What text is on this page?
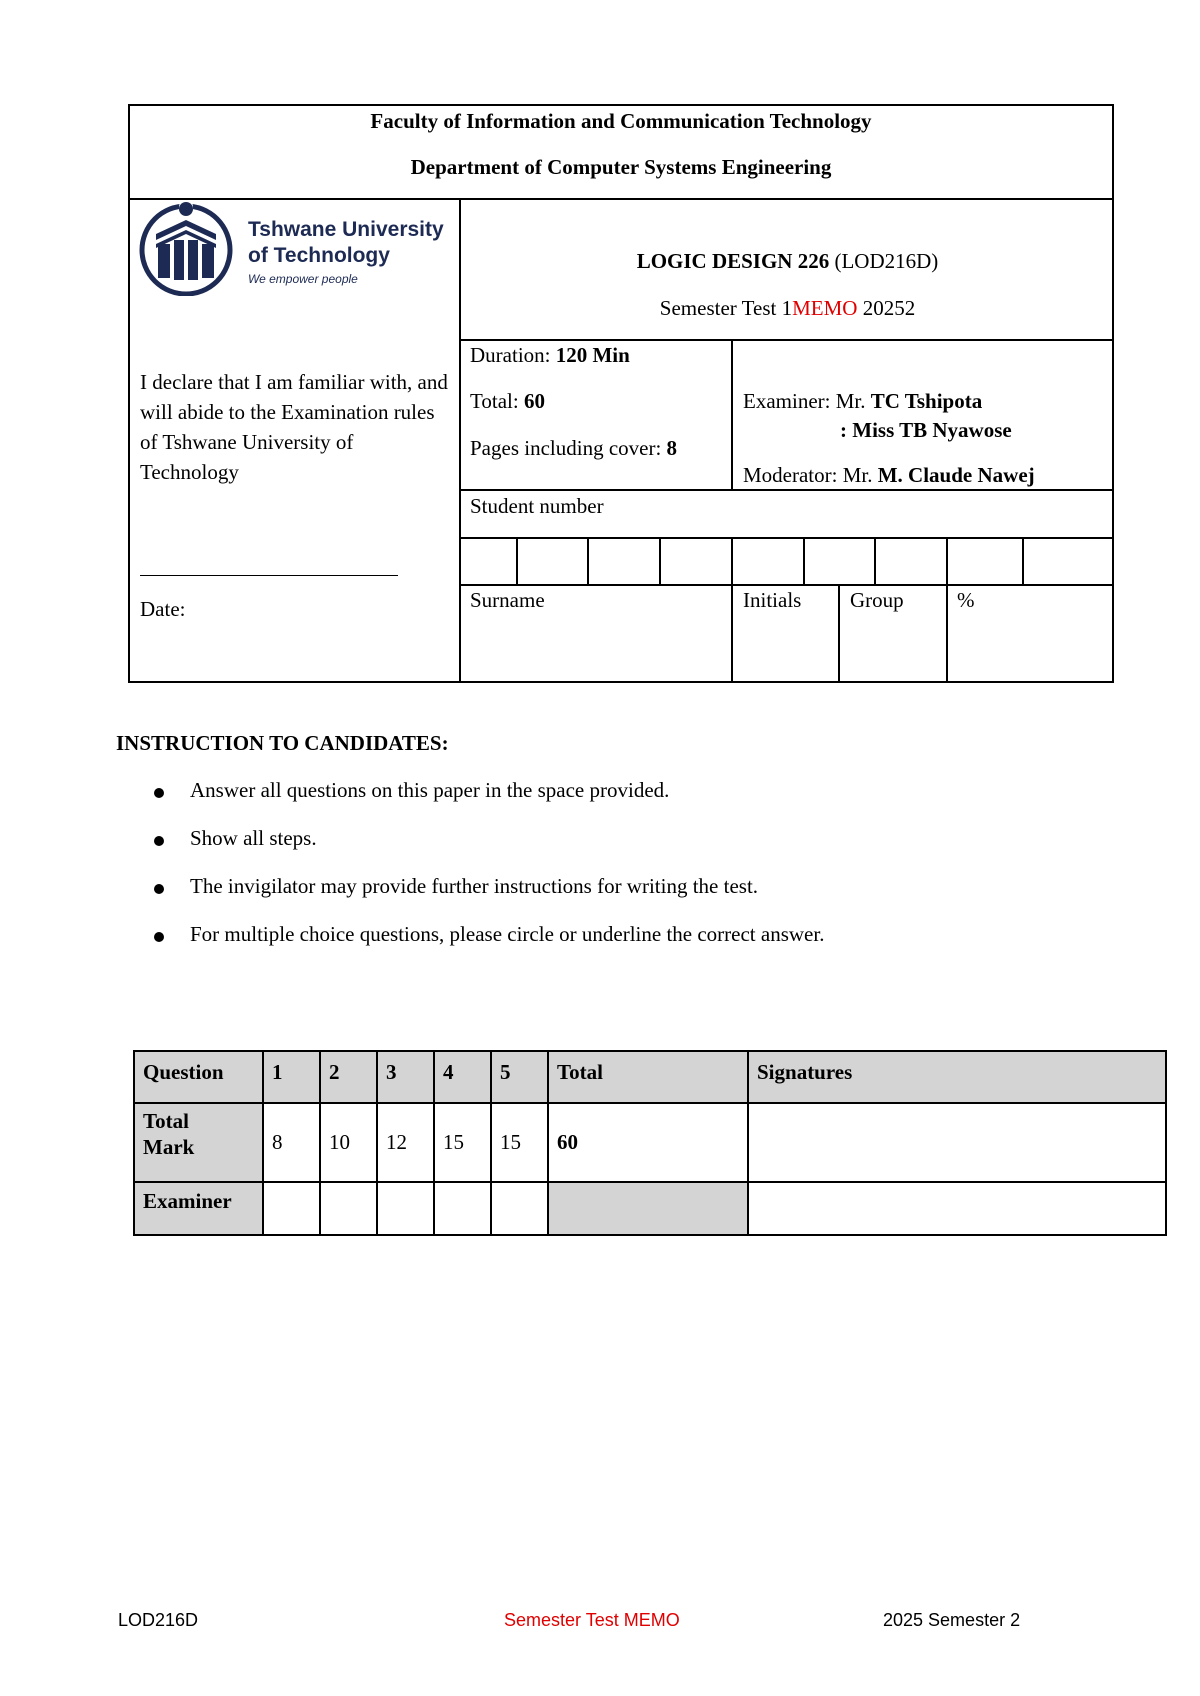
Faculty of Information and Communication Technology
Department of Computer Systems Engineering
Tshwane University
of Technology
We empower people
I declare that I am familiar with, and will abide to the Examination rules of Tshwane University of Technology
Date:
LOGIC DESIGN 226 (LOD216D)
Semester Test 1MEMO 20252
Duration: 120 Min
Total: 60
Pages including cover: 8
Examiner: Mr. TC Tshipota
: Miss TB Nyawose
Moderator: Mr. M. Claude Nawej
Student number
Surname	Initials Group	%
INSTRUCTION TO CANDIDATES:
Answer all questions on this paper in the space provided.
Show all steps.
The invigilator may provide further instructions for writing the test.
For multiple choice questions, please circle or underline the correct answer.
Question	1	2	3	4	5	Total	Signatures
Total Mark	8	10	12	15	15	60	
Examiner							
LOD216D	Semester Test MEMO	2025 Semester 2
